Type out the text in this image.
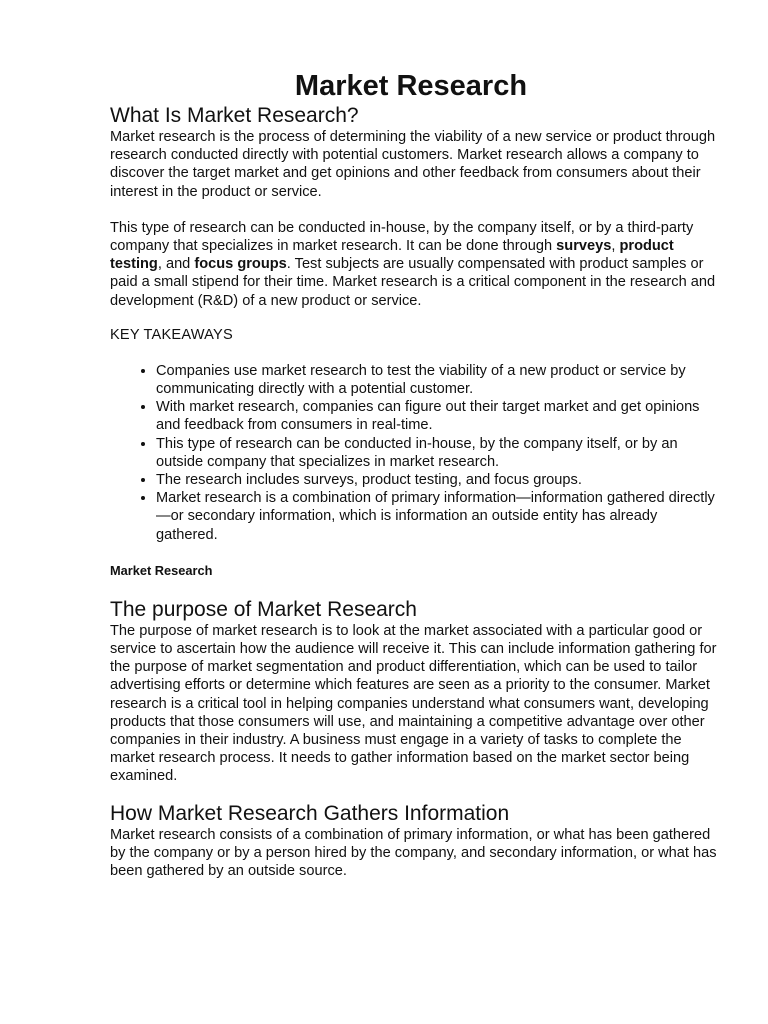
Market Research
What Is Market Research?

Market research is the process of determining the viability of a new service or product through research conducted directly with potential customers. Market research allows a company to discover the target market and get opinions and other feedback from consumers about their interest in the product or service.

This type of research can be conducted in-house, by the company itself, or by a third-party company that specializes in market research. It can be done through surveys, product testing, and focus groups. Test subjects are usually compensated with product samples or paid a small stipend for their time. Market research is a critical component in the research and development (R&D) of a new product or service.

KEY TAKEAWAYS
• Companies use market research to test the viability of a new product or service by communicating directly with a potential customer.
• With market research, companies can figure out their target market and get opinions and feedback from consumers in real-time.
• This type of research can be conducted in-house, by the company itself, or by an outside company that specializes in market research.
• The research includes surveys, product testing, and focus groups.
• Market research is a combination of primary information—information gathered directly—or secondary information, which is information an outside entity has already gathered.
Market Research
The purpose of Market Research

The purpose of market research is to look at the market associated with a particular good or service to ascertain how the audience will receive it. This can include information gathering for the purpose of market segmentation and product differentiation, which can be used to tailor advertising efforts or determine which features are seen as a priority to the consumer. Market research is a critical tool in helping companies understand what consumers want, developing products that those consumers will use, and maintaining a competitive advantage over other companies in their industry. A business must engage in a variety of tasks to complete the market research process. It needs to gather information based on the market sector being examined.

How Market Research Gathers Information

Market research consists of a combination of primary information, or what has been gathered by the company or by a person hired by the company, and secondary information, or what has been gathered by an outside source.
